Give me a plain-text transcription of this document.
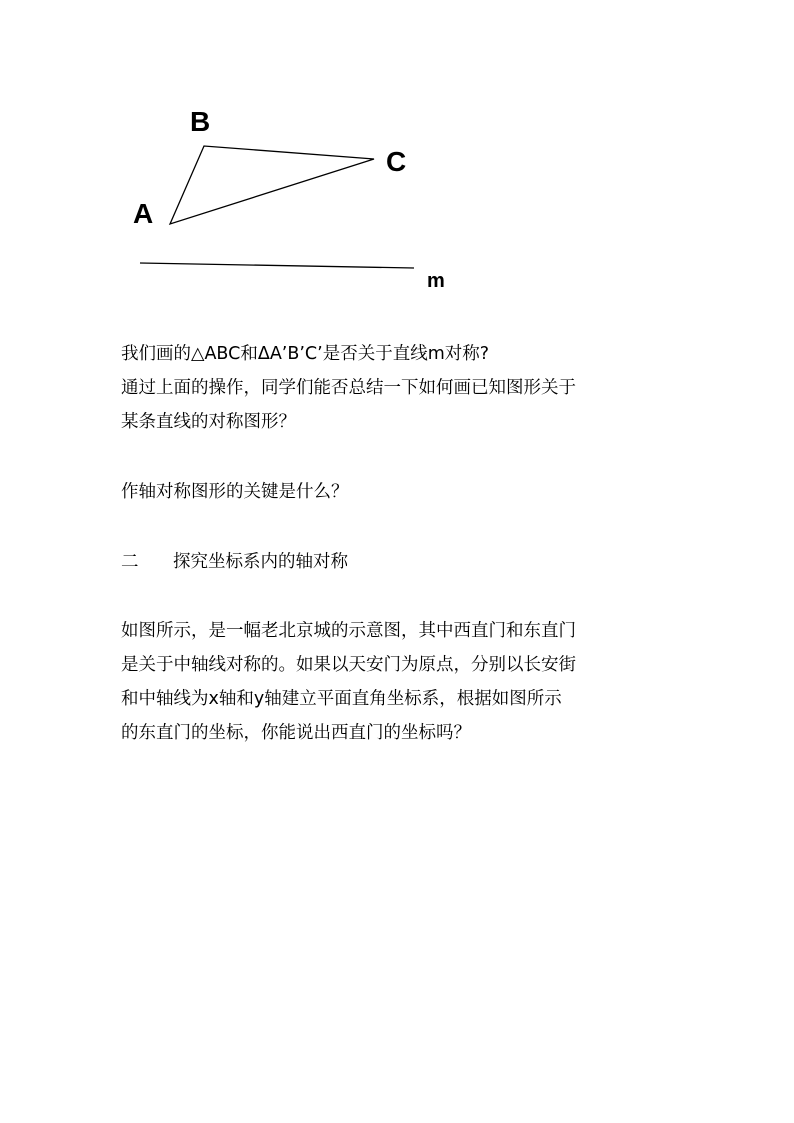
B
C
A
m
我们画的△ABC和ΔA’B’C’是否关于直线m对称?
通过上面的操作，同学们能否总结一下如何画已知图形关于
某条直线的对称图形？
作轴对称图形的关键是什么？
二 探究坐标系内的轴对称
如图所示，是一幅老北京城的示意图，其中西直门和东直门
是关于中轴线对称的。如果以天安门为原点，分别以长安街
和中轴线为x轴和y轴建立平面直角坐标系，根据如图所示
的东直门的坐标，你能说出西直门的坐标吗？
